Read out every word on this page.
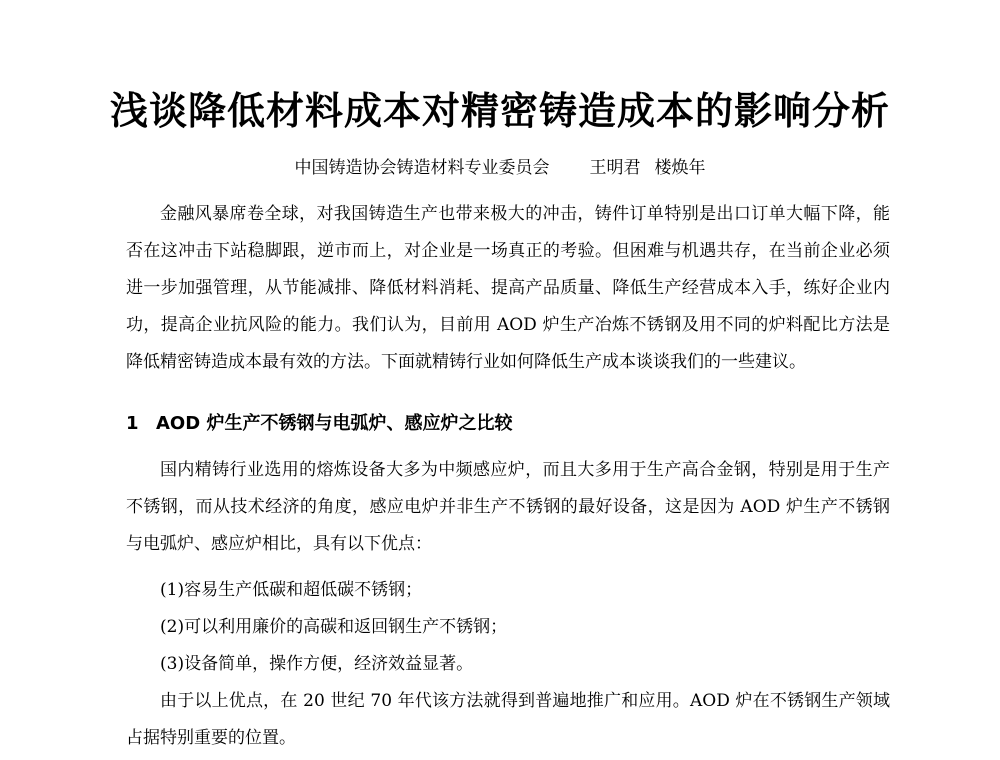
浅谈降低材料成本对精密铸造成本的影响分析
中国铸造协会铸造材料专业委员会 王明君 楼焕年
金融风暴席卷全球，对我国铸造生产也带来极大的冲击，铸件订单特别是出口订单大幅下降，能否在这冲击下站稳脚跟，逆市而上，对企业是一场真正的考验。但困难与机遇共存，在当前企业必须进一步加强管理，从节能减排、降低材料消耗、提高产品质量、降低生产经营成本入手，练好企业内功，提高企业抗风险的能力。我们认为，目前用 AOD 炉生产冶炼不锈钢及用不同的炉料配比方法是降低精密铸造成本最有效的方法。下面就精铸行业如何降低生产成本谈谈我们的一些建议。
1 AOD 炉生产不锈钢与电弧炉、感应炉之比较
国内精铸行业选用的熔炼设备大多为中频感应炉，而且大多用于生产高合金钢，特别是用于生产不锈钢，而从技术经济的角度，感应电炉并非生产不锈钢的最好设备，这是因为 AOD 炉生产不锈钢与电弧炉、感应炉相比，具有以下优点：
(1)容易生产低碳和超低碳不锈钢；
(2)可以利用廉价的高碳和返回钢生产不锈钢；
(3)设备简单，操作方便，经济效益显著。
由于以上优点，在 20 世纪 70 年代该方法就得到普遍地推广和应用。AOD 炉在不锈钢生产领域占据特别重要的位置。
